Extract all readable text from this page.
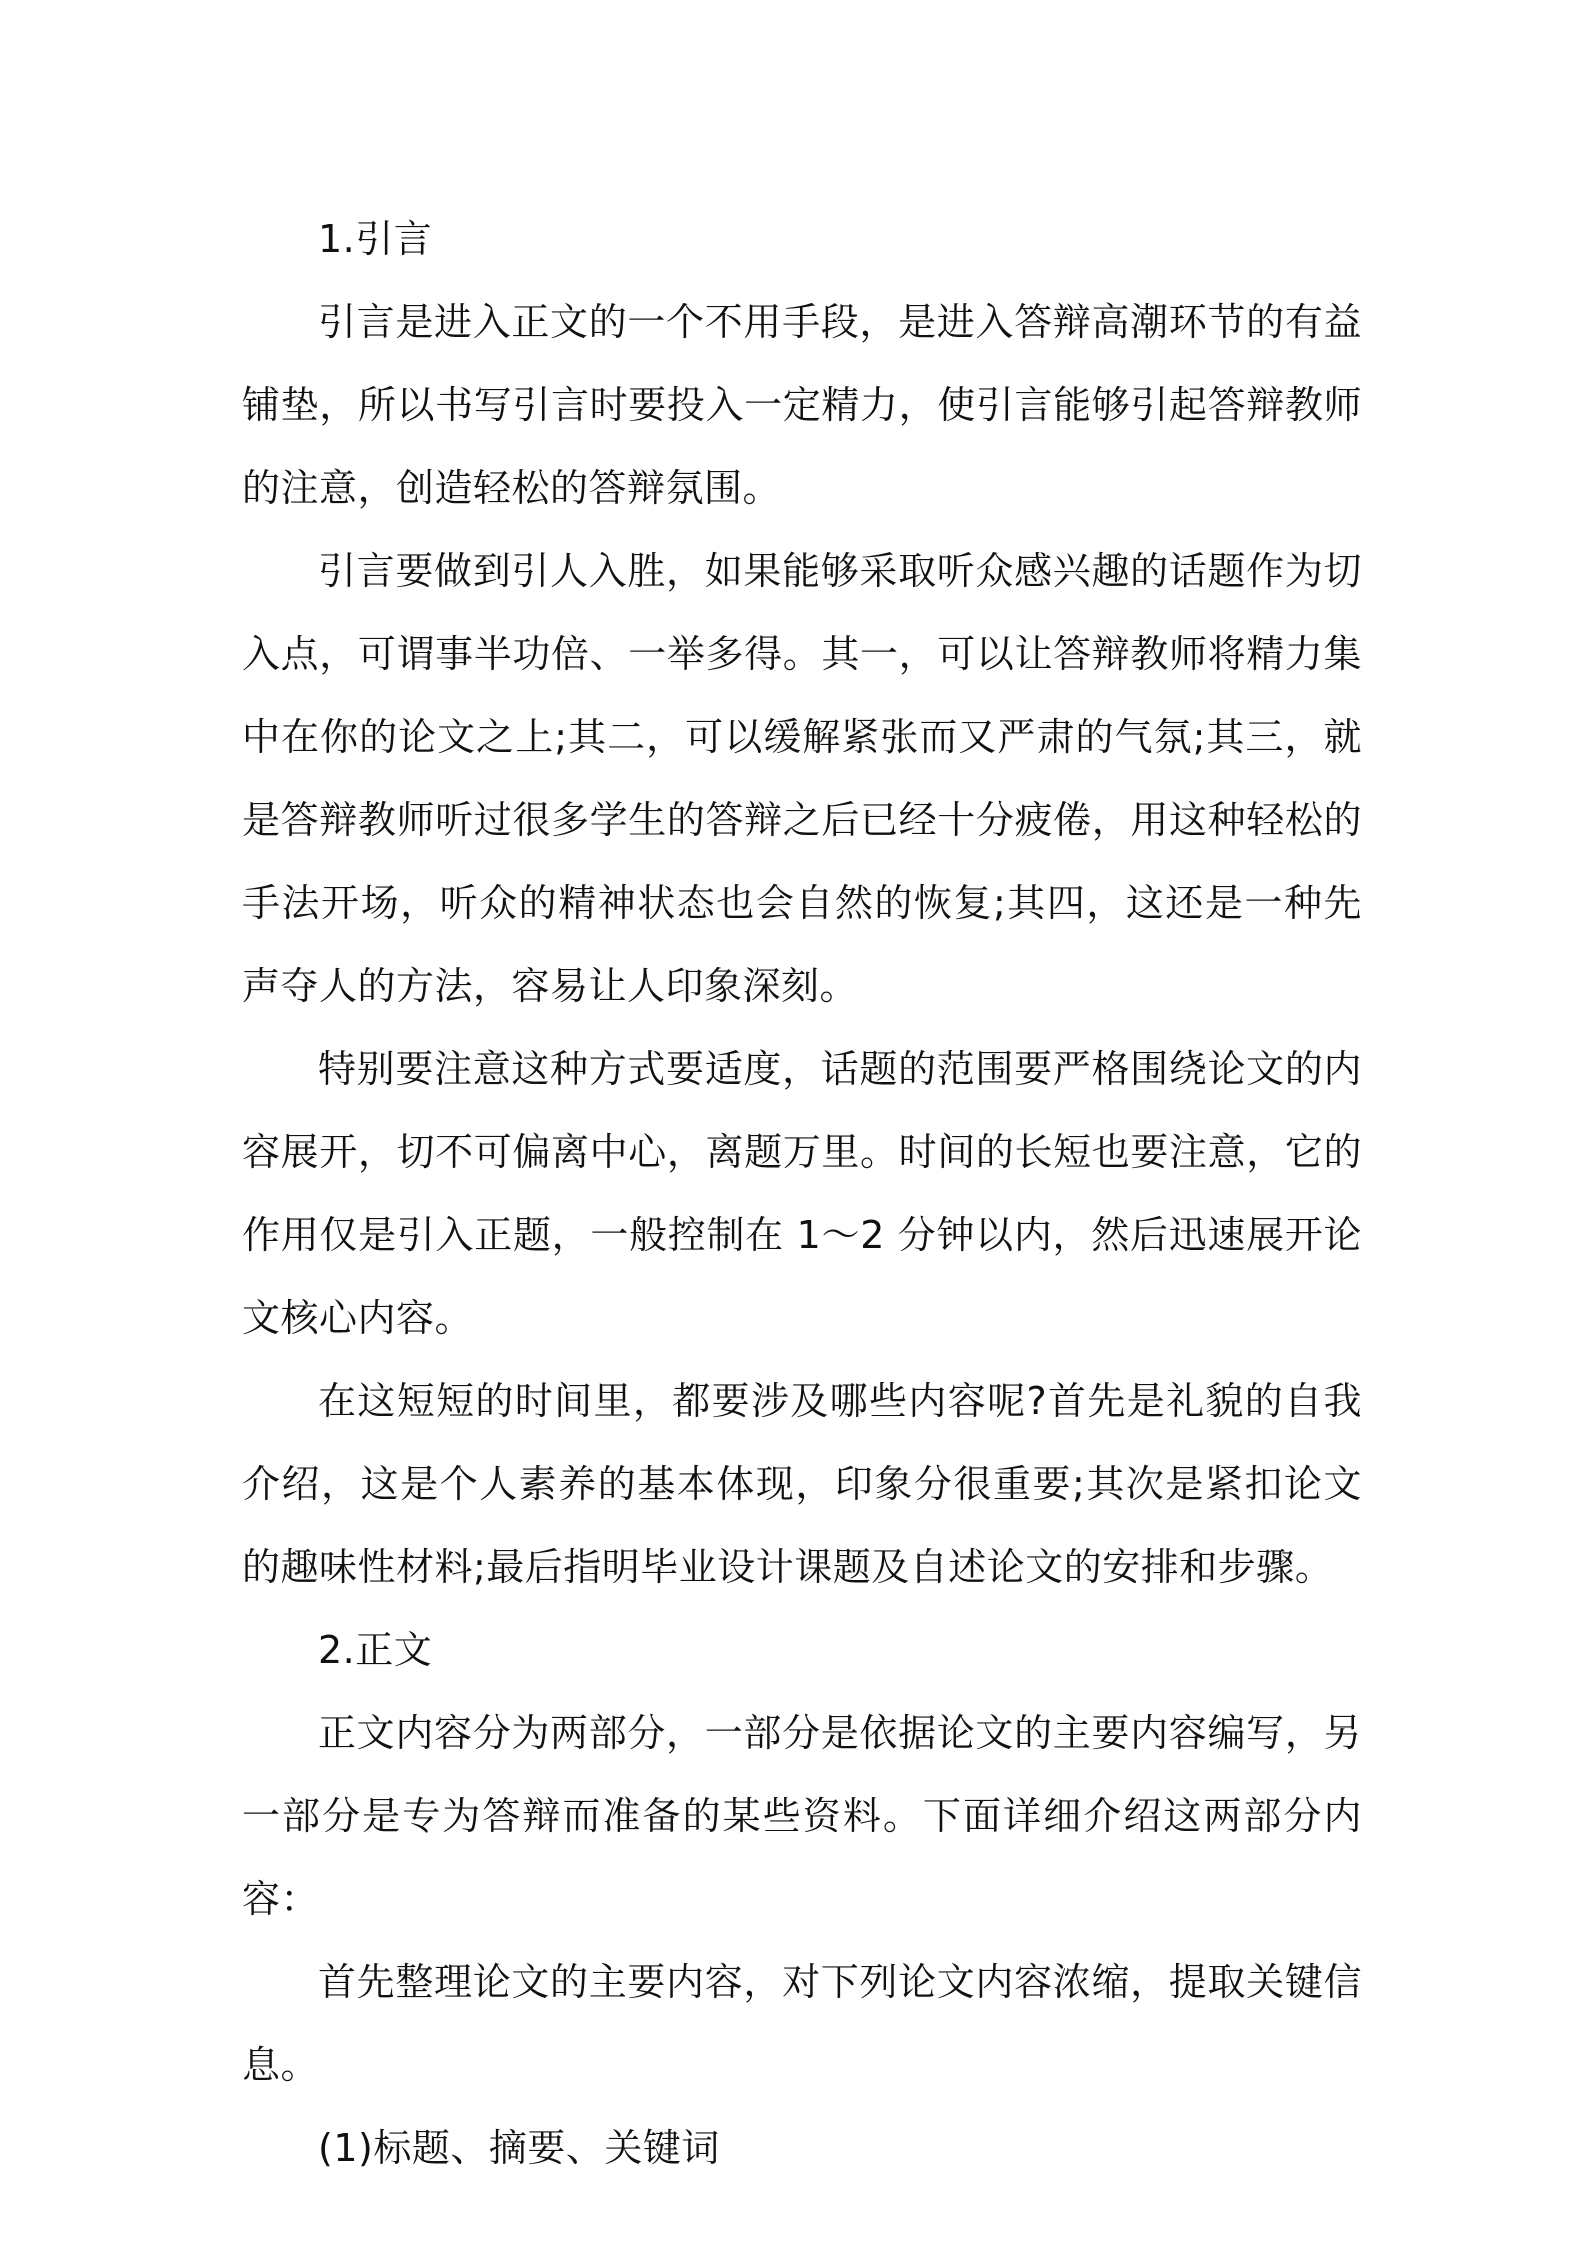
1.引言

引言是进入正文的一个不用手段，是进入答辩高潮环节的有益铺垫，所以书写引言时要投入一定精力，使引言能够引起答辩教师的注意，创造轻松的答辩氛围。

引言要做到引人入胜，如果能够采取听众感兴趣的话题作为切入点，可谓事半功倍、一举多得。其一，可以让答辩教师将精力集中在你的论文之上;其二，可以缓解紧张而又严肃的气氛;其三，就是答辩教师听过很多学生的答辩之后已经十分疲倦，用这种轻松的手法开场，听众的精神状态也会自然的恢复;其四，这还是一种先声夺人的方法，容易让人印象深刻。

特别要注意这种方式要适度，话题的范围要严格围绕论文的内容展开，切不可偏离中心，离题万里。时间的长短也要注意，它的作用仅是引入正题，一般控制在 1～2 分钟以内，然后迅速展开论文核心内容。

在这短短的时间里，都要涉及哪些内容呢?首先是礼貌的自我介绍，这是个人素养的基本体现，印象分很重要;其次是紧扣论文的趣味性材料;最后指明毕业设计课题及自述论文的安排和步骤。

2.正文

正文内容分为两部分，一部分是依据论文的主要内容编写，另一部分是专为答辩而准备的某些资料。下面详细介绍这两部分内容：

首先整理论文的主要内容，对下列论文内容浓缩，提取关键信息。

(1)标题、摘要、关键词
